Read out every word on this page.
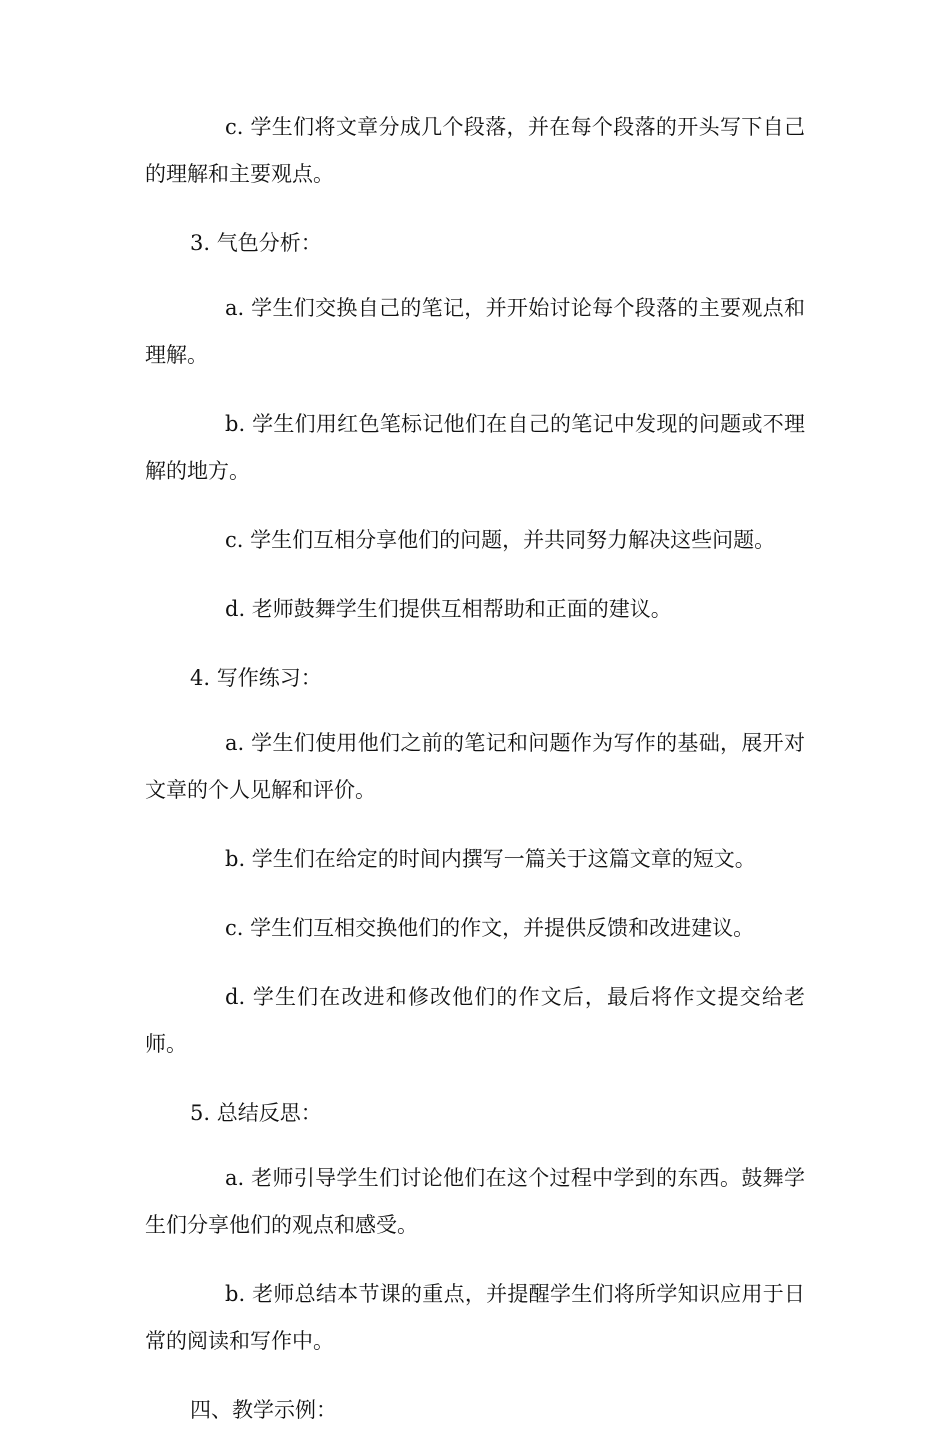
c. 学生们将文章分成几个段落，并在每个段落的开头写下自己的理解和主要观点。

3. 气色分析：

a. 学生们交换自己的笔记，并开始讨论每个段落的主要观点和理解。

b. 学生们用红色笔标记他们在自己的笔记中发现的问题或不理解的地方。

c. 学生们互相分享他们的问题，并共同努力解决这些问题。

d. 老师鼓舞学生们提供互相帮助和正面的建议。

4. 写作练习：

a. 学生们使用他们之前的笔记和问题作为写作的基础，展开对文章的个人见解和评价。

b. 学生们在给定的时间内撰写一篇关于这篇文章的短文。

c. 学生们互相交换他们的作文，并提供反馈和改进建议。

d. 学生们在改进和修改他们的作文后，最后将作文提交给老师。

5. 总结反思：

a. 老师引导学生们讨论他们在这个过程中学到的东西。鼓舞学生们分享他们的观点和感受。

b. 老师总结本节课的重点，并提醒学生们将所学知识应用于日常的阅读和写作中。

四、教学示例：
